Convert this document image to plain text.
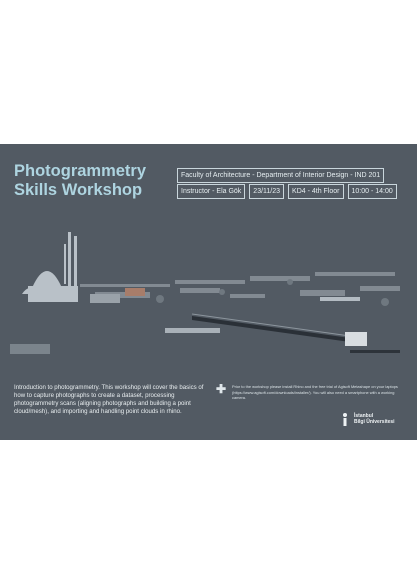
Photogrammetry
Skills Workshop
Faculty of Architecture - Department of Interior Design - IND 201
Instructor - Ela Gök	23/11/23	KD4 - 4th Floor	10:00 - 14:00
Introduction to photogrammetry. This workshop will cover the basics of how to capture photographs to create a dataset, processing photogrammetry scans (aligning photographs and building a point cloud/mesh), and importing and handling point clouds in rhino.
✚ Prior to the workshop please install Rhino and the free trial of Agisoft Metashape on your laptops (https://www.agisoft.com/downloads/installer/). You will also need a smartphone with a working camera.
İstanbul
Bilgi Üniversitesi
